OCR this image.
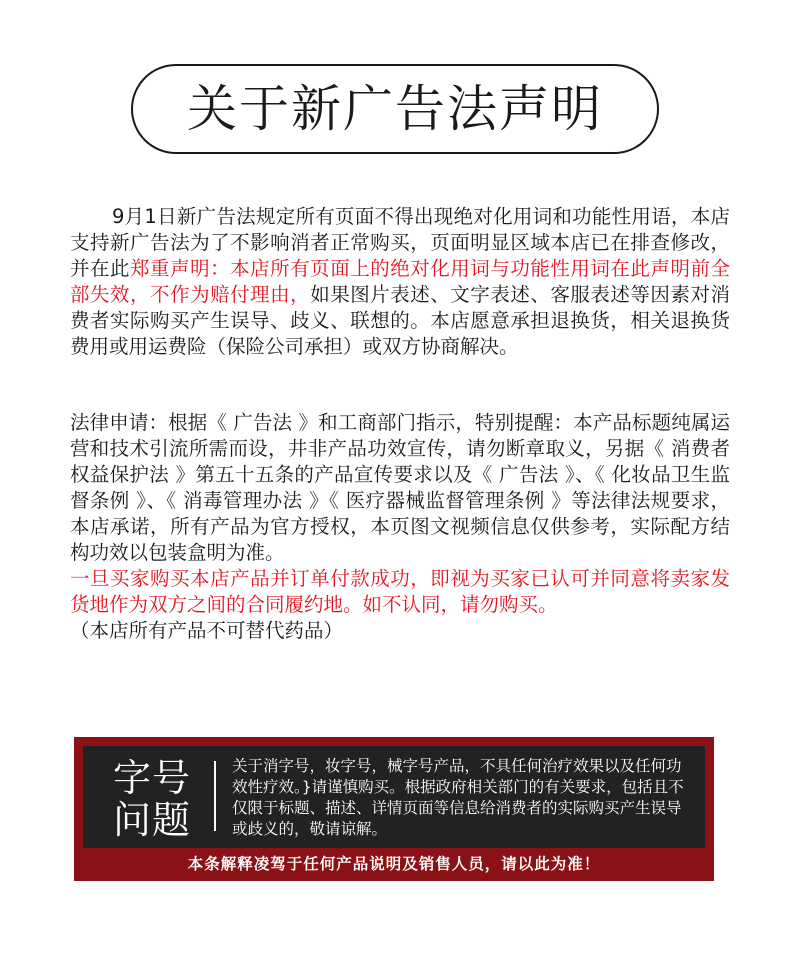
关于新广告法声明
9月1日新广告法规定所有页面不得出现绝对化用词和功能性用语，本店支持新广告法为了不影响消者正常购买，页面明显区域本店已在排查修改，并在此郑重声明：本店所有页面上的绝对化用词与功能性用词在此声明前全部失效，不作为赔付理由，如果图片表述、文字表述、客服表述等因素对消费者实际购买产生误导、歧义、联想的。本店愿意承担退换货，相关退换货费用或用运费险（保险公司承担）或双方协商解决。
法律申请：根据《 广告法 》和工商部门指示，特别提醒：本产品标题纯属运营和技术引流所需而设，井非产品功效宣传，请勿断章取义，另据《 消费者权益保护法 》第五十五条的产品宣传要求以及《 广告法 》、《 化妆品卫生监督条例 》、《 消毒管理办法 》《 医疗器械监督管理条例 》等法律法规要求，本店承诺，所有产品为官方授权，本页图文视频信息仅供参考，实际配方结构功效以包装盒明为准。
一旦买家购买本店产品并订单付款成功，即视为买家已认可并同意将卖家发货地作为双方之间的合同履约地。如不认同，请勿购买。
（本店所有产品不可替代药品）
字号
问题
关于消字号，妆字号，械字号产品，不具任何治疗效果以及任何功效性疗效。}请谨慎购买。根据政府相关部门的有关要求，包括且不仅限于标题、描述、详情页面等信息给消费者的实际购买产生误导或歧义的，敬请谅解。
本条解释凌驾于任何产品说明及销售人员，请以此为准！
